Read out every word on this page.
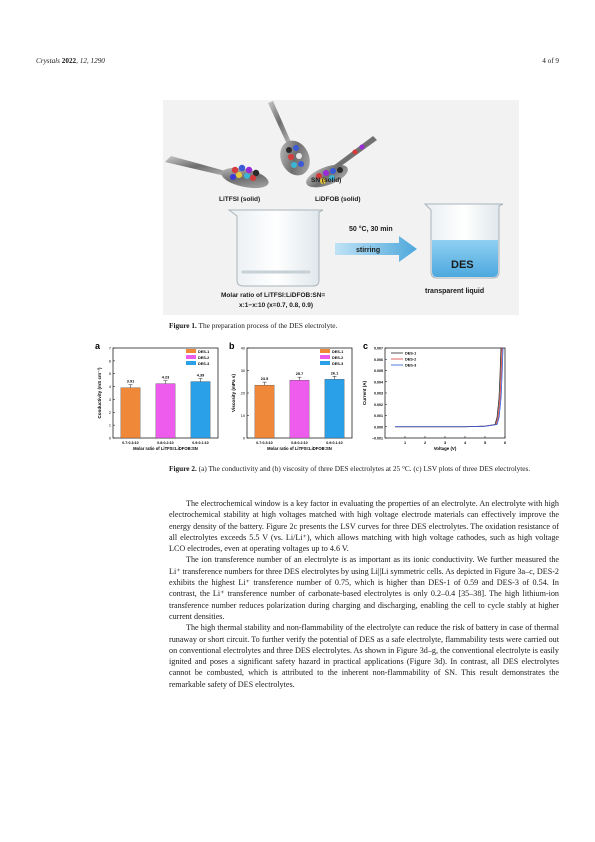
Crystals 2022, 12, 1290	4 of 9
SN (solid)
LiTFSI (solid)	LiDFOB (solid)
50 °C, 30 min
stirring
DES
transparent liquid
Molar ratio of LiTFSI:LiDFOB:SN=
x:1−x:10 (x=0.7, 0.8, 0.9)
Figure 1. The preparation process of the DES electrolyte.
a
0
1
2
3
4
5
6
7
Conductivity (mS cm⁻¹)	3.91
0.7:0.3:10
4.23
0.8:0.2:10
4.39
0.9:0.1:10
Molar ratio of LiTFSI:LiDFOB:SN
DES-1
DES-2
DES-3
b
0
10
20
30
40
Viscosity (mPa s)	23.5
0.7:0.3:10
25.7
0.8:0.2:10
26.1
0.9:0.1:10
Molar ratio of LiTFSI:LiDFOB:SN
DES-1
DES-2
DES-3
c
−0.001
0.000
0.001
0.002
0.003
0.004
0.005
0.006
0.007
1	2	3	4	5	6
Current (A)
Voltage (V)
DES-1
DES-2
DES-3
Figure 2. (a) The conductivity and (b) viscosity of three DES electrolytes at 25 °C. (c) LSV plots of three DES electrolytes.

The electrochemical window is a key factor in evaluating the properties of an electrolyte. An electrolyte with high electrochemical stability at high voltages matched with high voltage electrode materials can effectively improve the energy density of the battery. Figure 2c presents the LSV curves for three DES electrolytes. The oxidation resistance of all electrolytes exceeds 5.5 V (vs. Li/Li⁺), which allows matching with high voltage cathodes, such as high voltage LCO electrodes, even at operating voltages up to 4.6 V.

The ion transference number of an electrolyte is as important as its ionic conductivity. We further measured the Li⁺ transference numbers for three DES electrolytes by using Li||Li symmetric cells. As depicted in Figure 3a–c, DES-2 exhibits the highest Li⁺ transference number of 0.75, which is higher than DES-1 of 0.59 and DES-3 of 0.54. In contrast, the Li⁺ transference number of carbonate-based electrolytes is only 0.2–0.4 [35–38]. The high lithium-ion transference number reduces polarization during charging and discharging, enabling the cell to cycle stably at higher current densities.

The high thermal stability and non-flammability of the electrolyte can reduce the risk of battery in case of thermal runaway or short circuit. To further verify the potential of DES as a safe electrolyte, flammability tests were carried out on conventional electrolytes and three DES electrolytes. As shown in Figure 3d–g, the conventional electrolyte is easily ignited and poses a significant safety hazard in practical applications (Figure 3d). In contrast, all DES electrolytes cannot be combusted, which is attributed to the inherent non-flammability of SN. This result demonstrates the remarkable safety of DES electrolytes.
